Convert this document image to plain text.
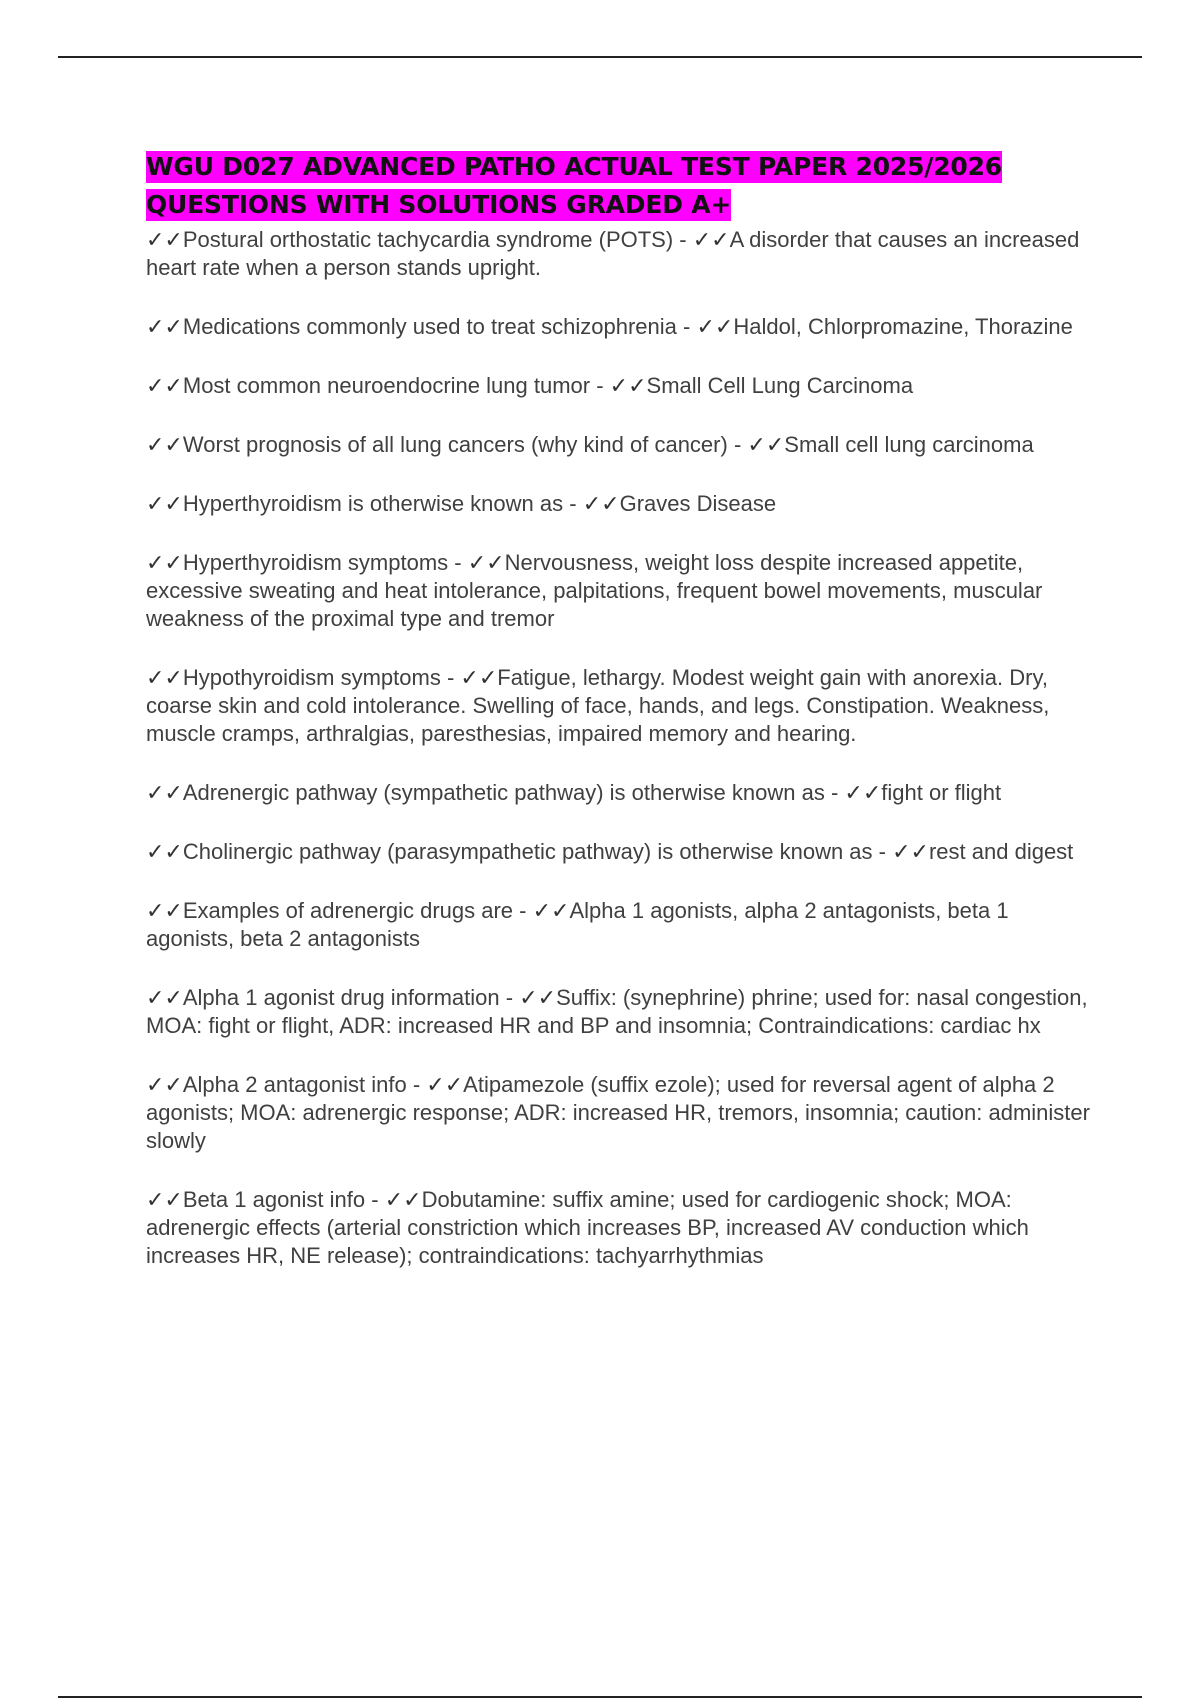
WGU D027 ADVANCED PATHO ACTUAL TEST PAPER 2025/2026 QUESTIONS WITH SOLUTIONS GRADED A+
✓✓Postural orthostatic tachycardia syndrome (POTS) - ✓✓A disorder that causes an increased heart rate when a person stands upright.
✓✓Medications commonly used to treat schizophrenia - ✓✓Haldol, Chlorpromazine, Thorazine
✓✓Most common neuroendocrine lung tumor - ✓✓Small Cell Lung Carcinoma
✓✓Worst prognosis of all lung cancers (why kind of cancer) - ✓✓Small cell lung carcinoma
✓✓Hyperthyroidism is otherwise known as - ✓✓Graves Disease
✓✓Hyperthyroidism symptoms - ✓✓Nervousness, weight loss despite increased appetite, excessive sweating and heat intolerance, palpitations, frequent bowel movements, muscular weakness of the proximal type and tremor
✓✓Hypothyroidism symptoms - ✓✓Fatigue, lethargy. Modest weight gain with anorexia. Dry, coarse skin and cold intolerance. Swelling of face, hands, and legs. Constipation. Weakness, muscle cramps, arthralgias, paresthesias, impaired memory and hearing.
✓✓Adrenergic pathway (sympathetic pathway) is otherwise known as - ✓✓fight or flight
✓✓Cholinergic pathway (parasympathetic pathway) is otherwise known as - ✓✓rest and digest
✓✓Examples of adrenergic drugs are - ✓✓Alpha 1 agonists, alpha 2 antagonists, beta 1 agonists, beta 2 antagonists
✓✓Alpha 1 agonist drug information - ✓✓Suffix: (synephrine) phrine; used for: nasal congestion, MOA: fight or flight, ADR: increased HR and BP and insomnia; Contraindications: cardiac hx
✓✓Alpha 2 antagonist info - ✓✓Atipamezole (suffix ezole); used for reversal agent of alpha 2 agonists; MOA: adrenergic response; ADR: increased HR, tremors, insomnia; caution: administer slowly
✓✓Beta 1 agonist info - ✓✓Dobutamine: suffix amine; used for cardiogenic shock; MOA: adrenergic effects (arterial constriction which increases BP, increased AV conduction which increases HR, NE release); contraindications: tachyarrhythmias
